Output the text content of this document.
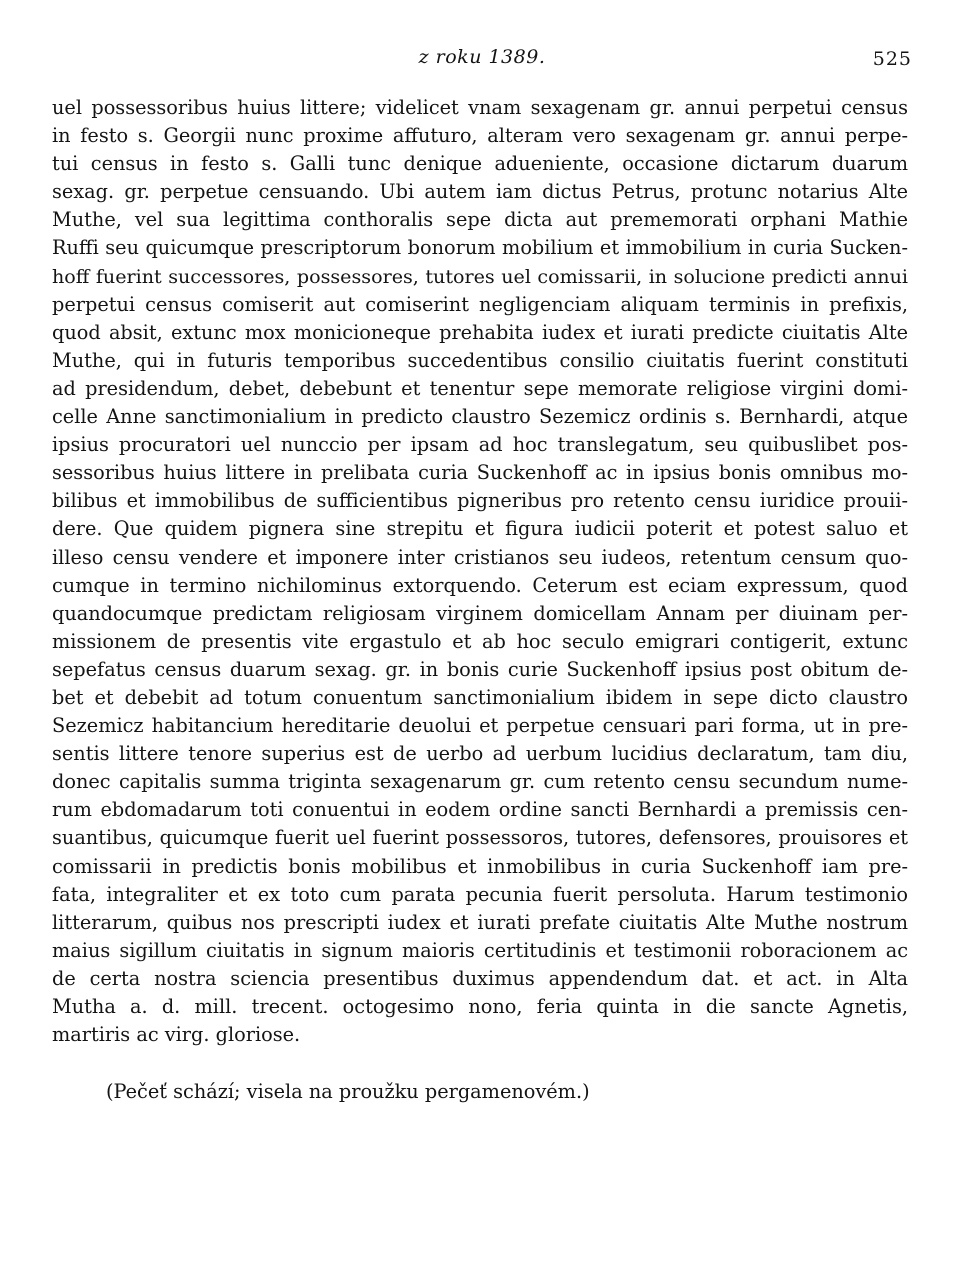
z roku 1389.	525
uel possessoribus huius littere; videlicet vnam sexagenam gr. annui perpetui census
in festo s. Georgii nunc proxime affuturo, alteram vero sexagenam gr. annui perpe-
tui census in festo s. Galli tunc denique adueniente, occasione dictarum duarum
sexag. gr. perpetue censuando. Ubi autem iam dictus Petrus, protunc notarius Alte
Muthe, vel sua legittima conthoralis sepe dicta aut prememorati orphani Mathie
Ruffi seu quicumque prescriptorum bonorum mobilium et immobilium in curia Sucken-
hoff fuerint successores, possessores, tutores uel comissarii, in solucione predicti annui
perpetui census comiserit aut comiserint negligenciam aliquam terminis in prefixis,
quod absit, extunc mox monicioneque prehabita iudex et iurati predicte ciuitatis Alte
Muthe, qui in futuris temporibus succedentibus consilio ciuitatis fuerint constituti
ad presidendum, debet, debebunt et tenentur sepe memorate religiose virgini domi-
celle Anne sanctimonialium in predicto claustro Sezemicz ordinis s. Bernhardi, atque
ipsius procuratori uel nunccio per ipsam ad hoc translegatum, seu quibuslibet pos-
sessoribus huius littere in prelibata curia Suckenhoff ac in ipsius bonis omnibus mo-
bilibus et immobilibus de sufficientibus pigneribus pro retento censu iuridice prouii-
dere. Que quidem pignera sine strepitu et figura iudicii poterit et potest saluo et
illeso censu vendere et imponere inter cristianos seu iudeos, retentum censum quo-
cumque in termino nichilominus extorquendo. Ceterum est eciam expressum, quod
quandocumque predictam religiosam virginem domicellam Annam per diuinam per-
missionem de presentis vite ergastulo et ab hoc seculo emigrari contigerit, extunc
sepefatus census duarum sexag. gr. in bonis curie Suckenhoff ipsius post obitum de-
bet et debebit ad totum conuentum sanctimonialium ibidem in sepe dicto claustro
Sezemicz habitancium hereditarie deuolui et perpetue censuari pari forma, ut in pre-
sentis littere tenore superius est de uerbo ad uerbum lucidius declaratum, tam diu,
donec capitalis summa triginta sexagenarum gr. cum retento censu secundum nume-
rum ebdomadarum toti conuentui in eodem ordine sancti Bernhardi a premissis cen-
suantibus, quicumque fuerit uel fuerint possessoros, tutores, defensores, prouisores et
comissarii in predictis bonis mobilibus et inmobilibus in curia Suckenhoff iam pre-
fata, integraliter et ex toto cum parata pecunia fuerit persoluta. Harum testimonio
litterarum, quibus nos prescripti iudex et iurati prefate ciuitatis Alte Muthe nostrum
maius sigillum ciuitatis in signum maioris certitudinis et testimonii roboracionem ac
de certa nostra sciencia presentibus duximus appendendum dat. et act. in Alta
Mutha a. d. mill. trecent. octogesimo nono, feria quinta in die sancte Agnetis,
martiris ac virg. gloriose.
(Pečeť schází; visela na proužku pergamenovém.)
